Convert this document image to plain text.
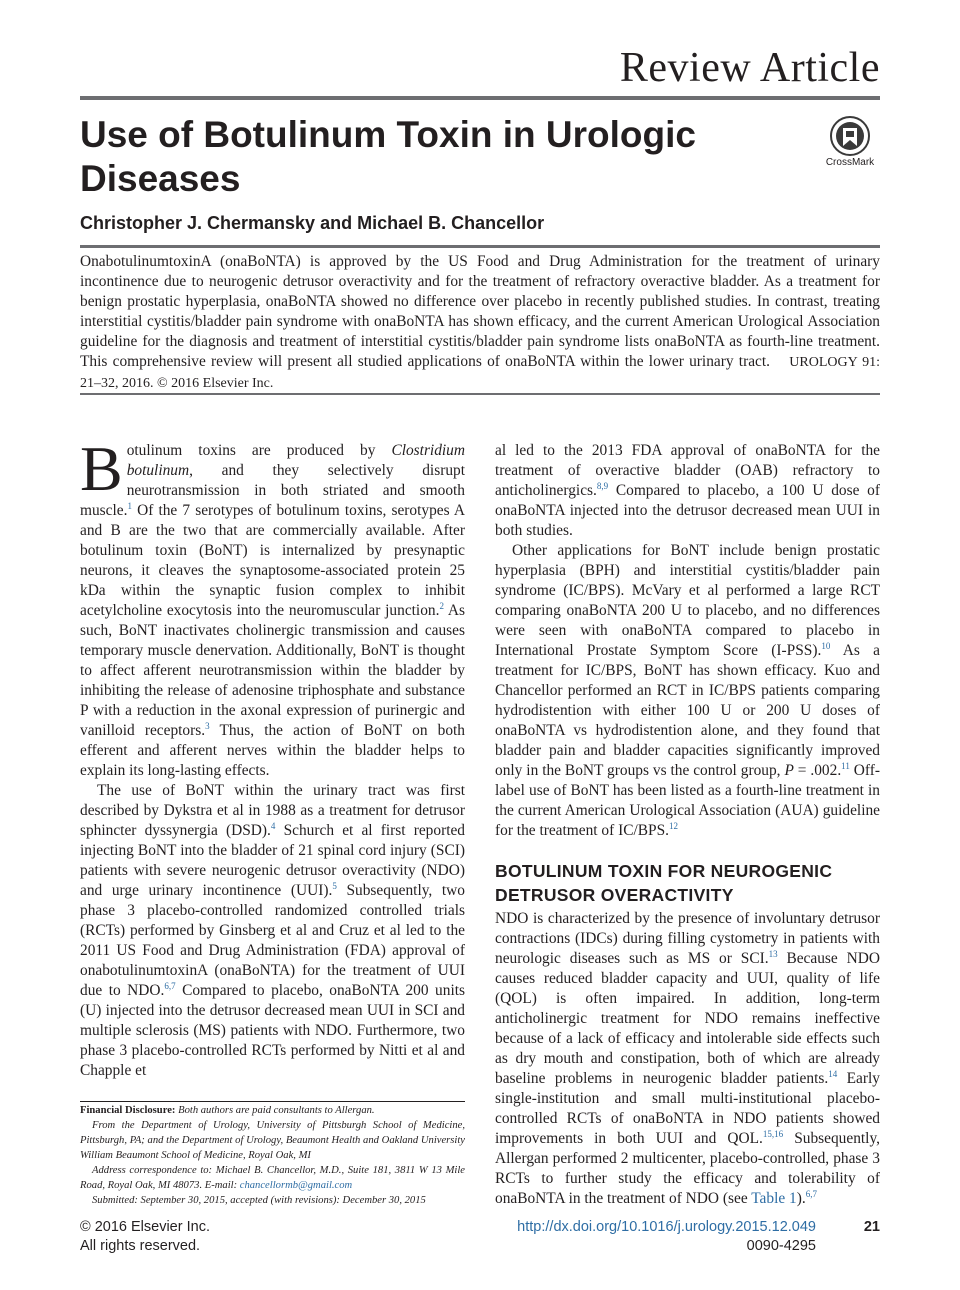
Review Article
Use of Botulinum Toxin in Urologic Diseases	CrossMark
Christopher J. Chermansky and Michael B. Chancellor
OnabotulinumtoxinA (onaBoNTA) is approved by the US Food and Drug Administration for the treatment of urinary incontinence due to neurogenic detrusor overactivity and for the treatment of refractory overactive bladder. As a treatment for benign prostatic hyperplasia, onaBoNTA showed no difference over placebo in recently published studies. In contrast, treating interstitial cystitis/bladder pain syndrome with onaBoNTA has shown efficacy, and the current American Urological Association guideline for the diagnosis and treatment of interstitial cystitis/bladder pain syndrome lists onaBoNTA as fourth-line treatment. This comprehensive review will present all studied applications of onaBoNTA within the lower urinary tract. UROLOGY 91: 21–32, 2016. © 2016 Elsevier Inc.

Botulinum toxins are produced by Clostridium botulinum, and they selectively disrupt neurotransmission in both striated and smooth muscle.$^1$ Of the 7 serotypes of botulinum toxins, serotypes A and B are the two that are commercially available. After botulinum toxin (BoNT) is internalized by presynaptic neurons, it cleaves the synaptosome-associated protein 25 kDa within the synaptic fusion complex to inhibit acetylcholine exocytosis into the neuromuscular junction.$^2$ As such, BoNT inactivates cholinergic transmission and causes temporary muscle denervation. Additionally, BoNT is thought to affect afferent neurotransmission within the bladder by inhibiting the release of adenosine triphosphate and substance P with a reduction in the axonal expression of purinergic and vanilloid receptors.$^3$ Thus, the action of BoNT on both efferent and afferent nerves within the bladder helps to explain its long-lasting effects.

The use of BoNT within the urinary tract was first described by Dykstra et al in 1988 as a treatment for detrusor sphincter dyssynergia (DSD).$^4$ Schurch et al first reported injecting BoNT into the bladder of 21 spinal cord injury (SCI) patients with severe neurogenic detrusor overactivity (NDO) and urge urinary incontinence (UUI).$^5$ Subsequently, two phase 3 placebo-controlled randomized controlled trials (RCTs) performed by Ginsberg et al and Cruz et al led to the 2011 US Food and Drug Administration (FDA) approval of onabotulinumtoxinA (onaBoNTA) for the treatment of UUI due to NDO.$^{6,7}$ Compared to placebo, onaBoNTA 200 units (U) injected into the detrusor decreased mean UUI in SCI and multiple sclerosis (MS) patients with NDO. Furthermore, two phase 3 placebo-controlled RCTs performed by Nitti et al and Chapple et

al led to the 2013 FDA approval of onaBoNTA for the treatment of overactive bladder (OAB) refractory to anticholinergics.$^{8,9}$ Compared to placebo, a 100 U dose of onaBoNTA injected into the detrusor decreased mean UUI in both studies.

Other applications for BoNT include benign prostatic hyperplasia (BPH) and interstitial cystitis/bladder pain syndrome (IC/BPS). McVary et al performed a large RCT comparing onaBoNTA 200 U to placebo, and no differences were seen with onaBoNTA compared to placebo in International Prostate Symptom Score (I-PSS).$^{10}$ As a treatment for IC/BPS, BoNT has shown efficacy. Kuo and Chancellor performed an RCT in IC/BPS patients comparing hydrodistention with either 100 U or 200 U doses of onaBoNTA vs hydrodistention alone, and they found that bladder pain and bladder capacities significantly improved only in the BoNT groups vs the control group, P = .002.11 Off-label use of BoNT has been listed as a fourth-line treatment in the current American Urological Association (AUA) guideline for the treatment of IC/BPS.$^{12}$

BOTULINUM TOXIN FOR NEUROGENIC DETRUSOR OVERACTIVITY

NDO is characterized by the presence of involuntary detrusor contractions (IDCs) during filling cystometry in patients with neurologic diseases such as MS or SCI.$^{13}$ Because NDO causes reduced bladder capacity and UUI, quality of life (QOL) is often impaired. In addition, long-term anticholinergic treatment for NDO remains ineffective because of a lack of efficacy and intolerable side effects such as dry mouth and constipation, both of which are already baseline problems in neurogenic bladder patients.$^{14}$ Early single-institution and small multi-institutional placebo-controlled RCTs of onaBoNTA in NDO patients showed improvements in both UUI and QOL.$^{15,16}$ Subsequently, Allergan performed 2 multicenter, placebo-controlled, phase 3 RCTs to further study the efficacy and tolerability of onaBoNTA in the treatment of NDO (see Table 1).$^{6,7}$

Financial Disclosure: Both authors are paid consultants to Allergan.

From the Department of Urology, University of Pittsburgh School of Medicine, Pittsburgh, PA; and the Department of Urology, Beaumont Health and Oakland University William Beaumont School of Medicine, Royal Oak, MI

Address correspondence to: Michael B. Chancellor, M.D., Suite 181, 3811 W 13 Mile Road, Royal Oak, MI 48073. E-mail: chancellormb@gmail.com

Submitted: September 30, 2015, accepted (with revisions): December 30, 2015

© 2016 Elsevier Inc.
All rights reserved.
http://dx.doi.org/10.1016/j.urology.2015.12.049
0090-4295
21
